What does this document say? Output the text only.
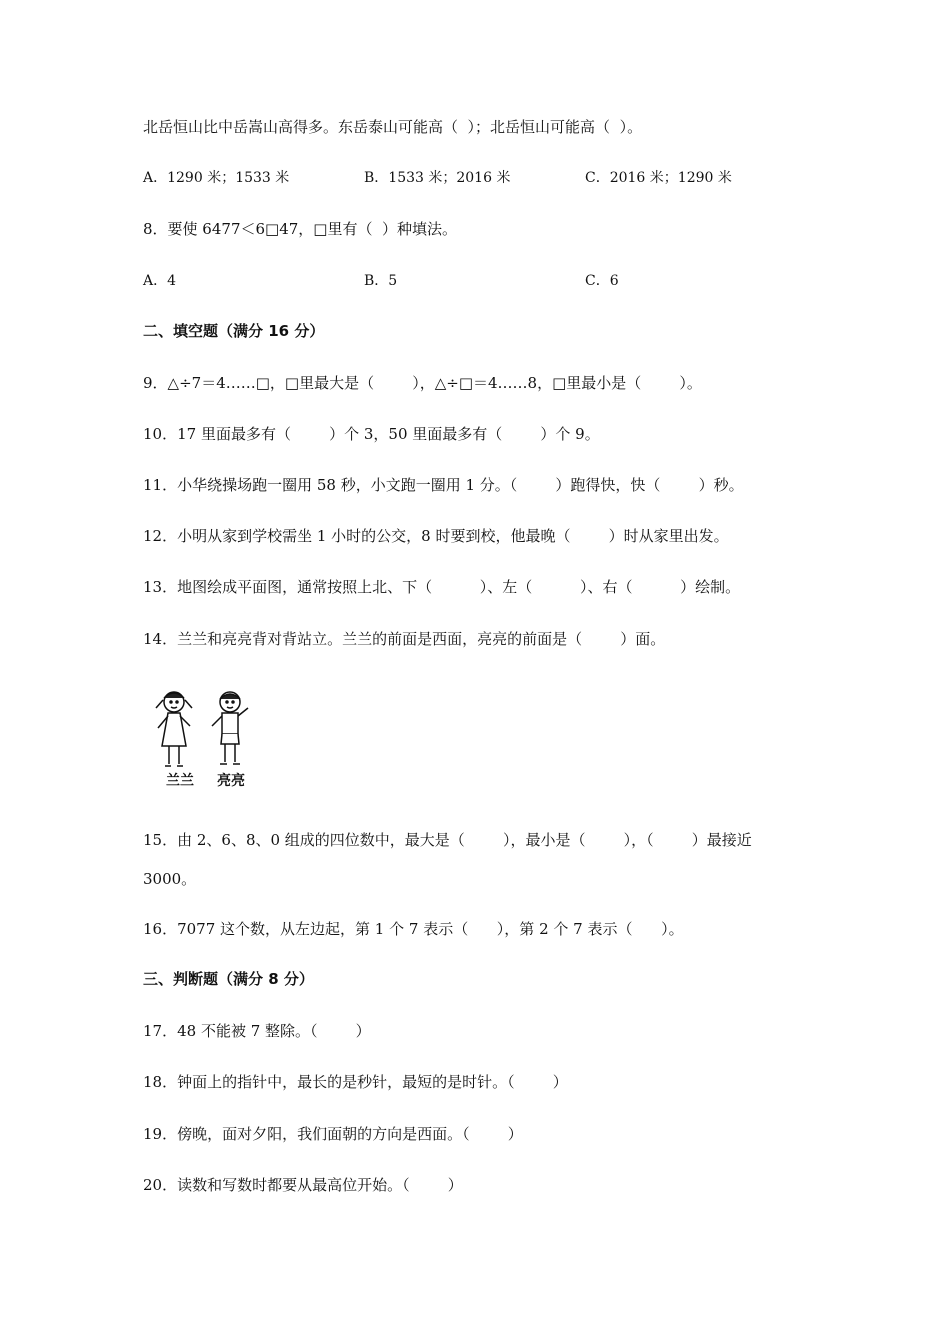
北岳恒山比中岳嵩山高得多。东岳泰山可能高（  ）；北岳恒山可能高（  ）。
A．1290 米；1533 米	B．1533 米；2016 米	C．2016 米；1290 米
8．要使 6477＜6□47，□里有（  ）种填法。
A．4	B．5	C．6
二、填空题（满分 16 分）
9．△÷7＝4……□，□里最大是（        ），△÷□＝4……8，□里最小是（        ）。
10．17 里面最多有（        ）个 3，50 里面最多有（        ）个 9。
11．小华绕操场跑一圈用 58 秒，小文跑一圈用 1 分。（        ）跑得快，快（        ）秒。
12．小明从家到学校需坐 1 小时的公交，8 时要到校，他最晚（        ）时从家里出发。
13．地图绘成平面图，通常按照上北、下（          ）、左（          ）、右（          ）绘制。
14．兰兰和亮亮背对背站立。兰兰的前面是西面，亮亮的前面是（        ）面。
兰兰 亮亮
15．由 2、6、8、0 组成的四位数中，最大是（        ），最小是（        ），（        ）最接近
3000。
16．7077 这个数，从左边起，第 1 个 7 表示（      ），第 2 个 7 表示（      ）。
三、判断题（满分 8 分）
17．48 不能被 7 整除。（        ）
18．钟面上的指针中，最长的是秒针，最短的是时针。（        ）
19．傍晚，面对夕阳，我们面朝的方向是西面。（        ）
20．读数和写数时都要从最高位开始。（        ）
